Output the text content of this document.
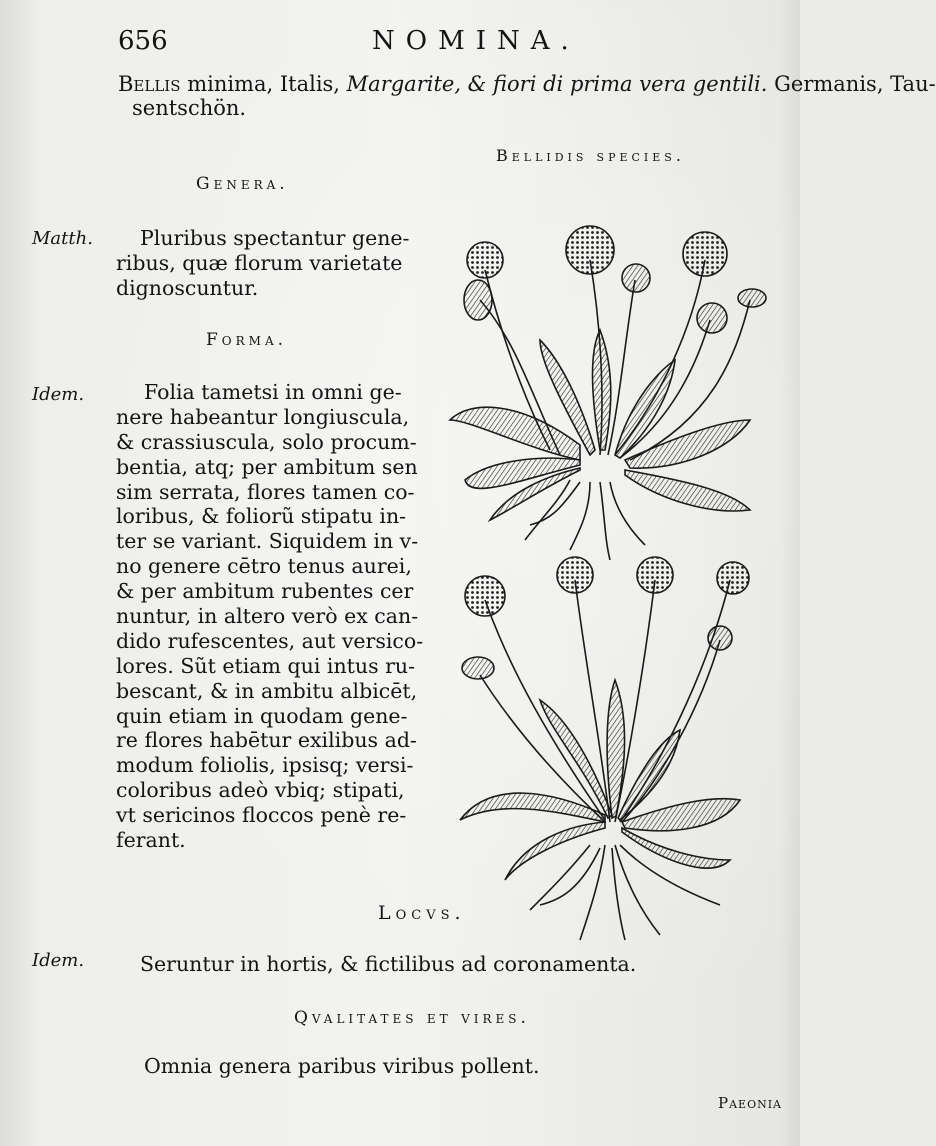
656	NOMINA.
Bellis minima, Italis, Margarite, & fiori di prima vera gentili. Germanis, Tau-
sentschön.
Bellidis species.
Genera.
Matth. Pluribus spectantur gene-
ribus, quæ florum varietate
dignoscuntur.
Forma.
Idem.	Folia tametsi in omni ge-
nere habeantur longiuscula,
& crassiuscula, solo procum-
bentia, atq; per ambitum sen
sim serrata, flores tamen co-
loribus, & foliorũ stipatu in-
ter se variant. Siquidem in v-
no genere cētro tenus aurei,
& per ambitum rubentes cer
nuntur, in altero verò ex can-
dido rufescentes, aut versico-
lores. Sũt etiam qui intus ru-
bescant, & in ambitu albicēt,
quin etiam in quodam gene-
re flores habētur exilibus ad-
modum foliolis, ipsisq; versi-
coloribus adeò vbiq; stipati,
vt sericinos floccos penè re-
ferant.
Locvs.
Idem.	Seruntur in hortis, & fictilibus ad coronamenta.
Qvalitates et vires.
Omnia genera paribus viribus pollent.
Paeonia
